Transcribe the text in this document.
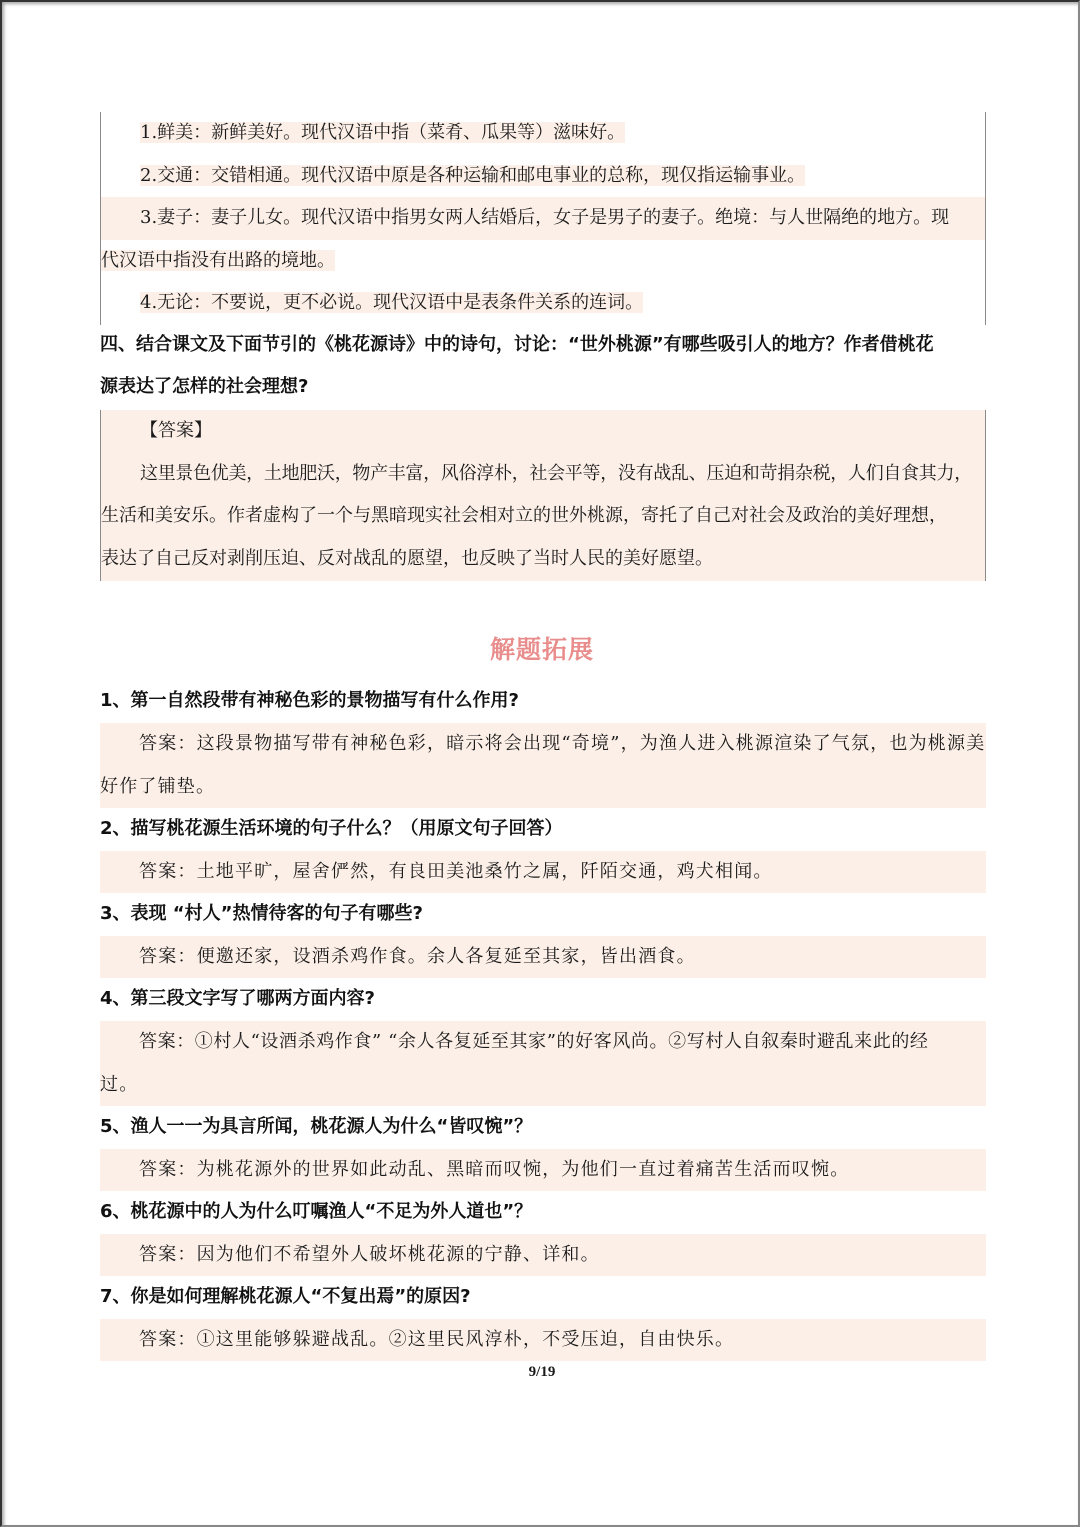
1.鲜美：新鲜美好。现代汉语中指（菜肴、瓜果等）滋味好。
2.交通：交错相通。现代汉语中原是各种运输和邮电事业的总称，现仅指运输事业。
3.妻子：妻子儿女。现代汉语中指男女两人结婚后，女子是男子的妻子。绝境：与人世隔绝的地方。现
代汉语中指没有出路的境地。
4.无论：不要说，更不必说。现代汉语中是表条件关系的连词。
四、结合课文及下面节引的《桃花源诗》中的诗句，讨论：“世外桃源”有哪些吸引人的地方？作者借桃花
源表达了怎样的社会理想?
【答案】
这里景色优美，土地肥沃，物产丰富，风俗淳朴，社会平等，没有战乱、压迫和苛捐杂税，人们自食其力，
生活和美安乐。作者虚构了一个与黑暗现实社会相对立的世外桃源，寄托了自己对社会及政治的美好理想，
表达了自己反对剥削压迫、反对战乱的愿望，也反映了当时人民的美好愿望。
解题拓展
1、第一自然段带有神秘色彩的景物描写有什么作用?
答案：这段景物描写带有神秘色彩，暗示将会出现“奇境”，为渔人进入桃源渲染了气氛，也为桃源美
好作了铺垫。
2、描写桃花源生活环境的句子什么？（用原文句子回答）
答案：土地平旷，屋舍俨然，有良田美池桑竹之属，阡陌交通，鸡犬相闻。
3、表现 “村人”热情待客的句子有哪些?
答案：便邀还家，设酒杀鸡作食。余人各复延至其家，皆出酒食。
4、第三段文字写了哪两方面内容?
答案：①村人“设酒杀鸡作食” “余人各复延至其家”的好客风尚。②写村人自叙秦时避乱来此的经
过。
5、渔人一一为具言所闻，桃花源人为什么“皆叹惋”？
答案：为桃花源外的世界如此动乱、黑暗而叹惋，为他们一直过着痛苦生活而叹惋。
6、桃花源中的人为什么叮嘱渔人“不足为外人道也”？
答案：因为他们不希望外人破坏桃花源的宁静、详和。
7、你是如何理解桃花源人“不复出焉”的原因?
答案：①这里能够躲避战乱。②这里民风淳朴，不受压迫，自由快乐。
9/19
